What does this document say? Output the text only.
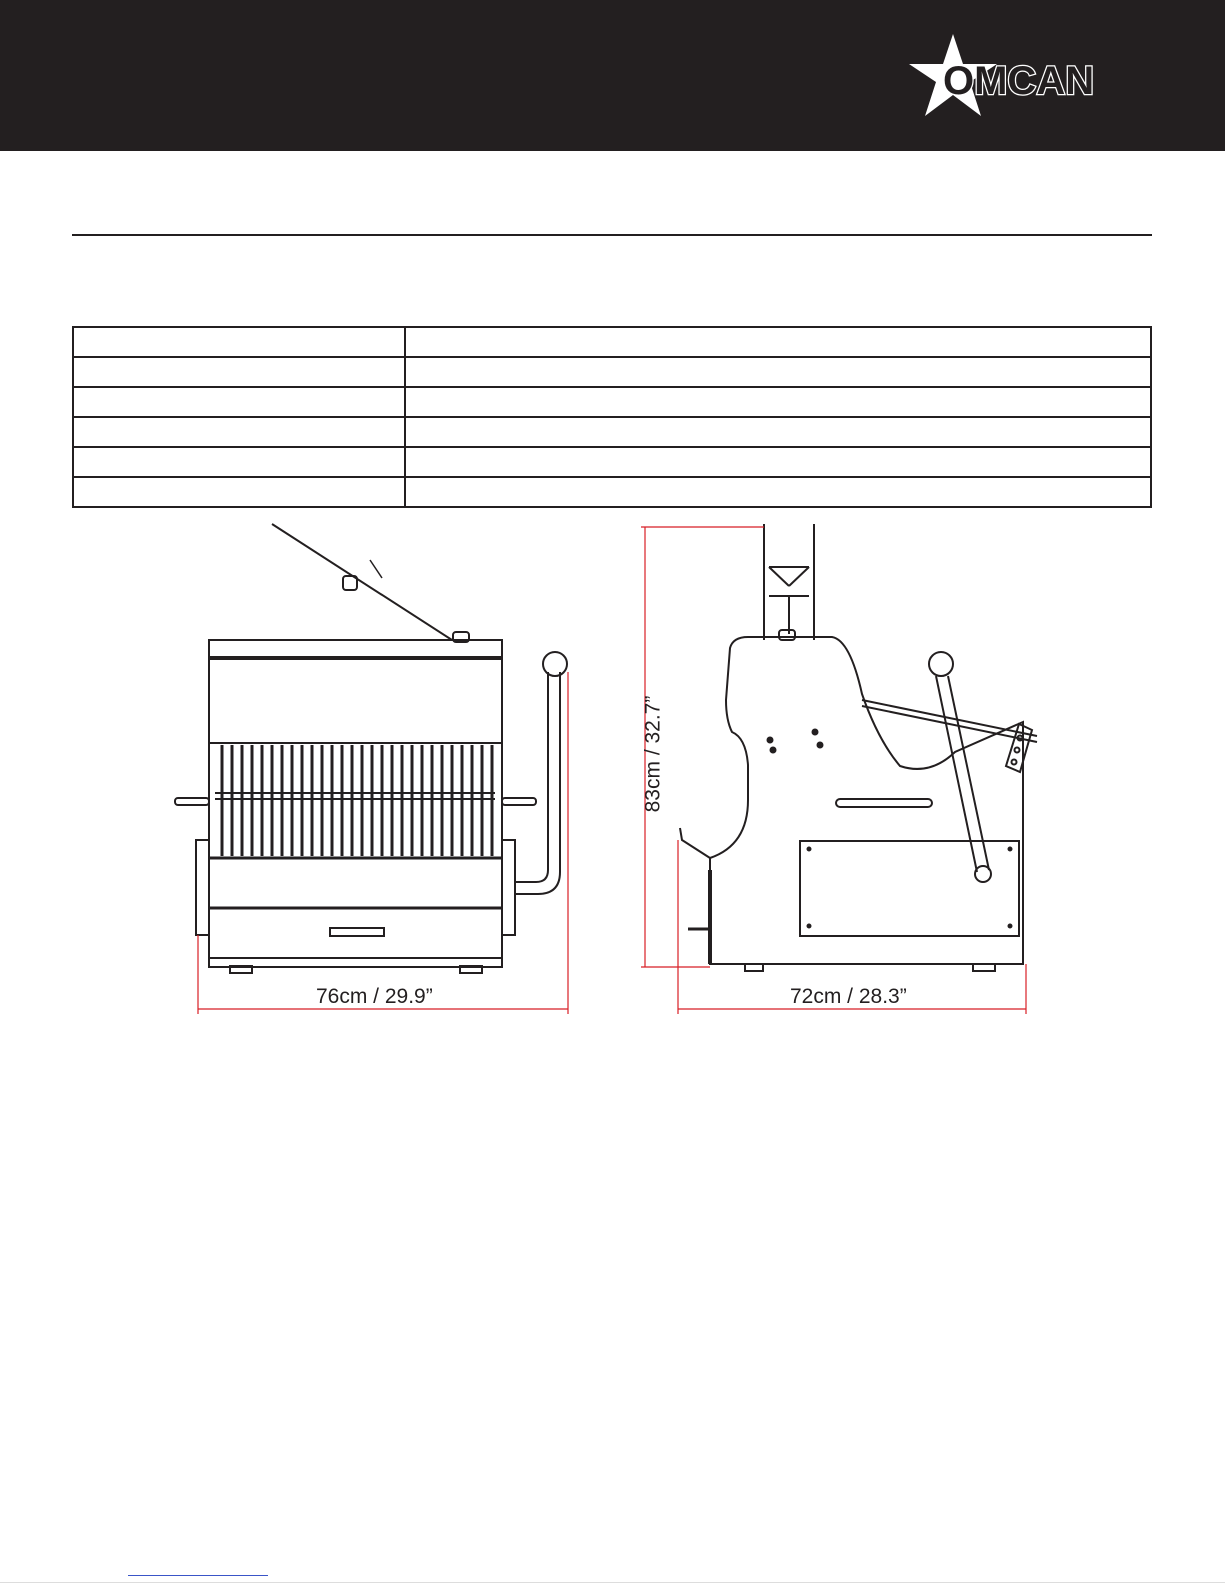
OMCAN

76cm / 29.9”	72cm / 28.3”
83cm / 32.7”
